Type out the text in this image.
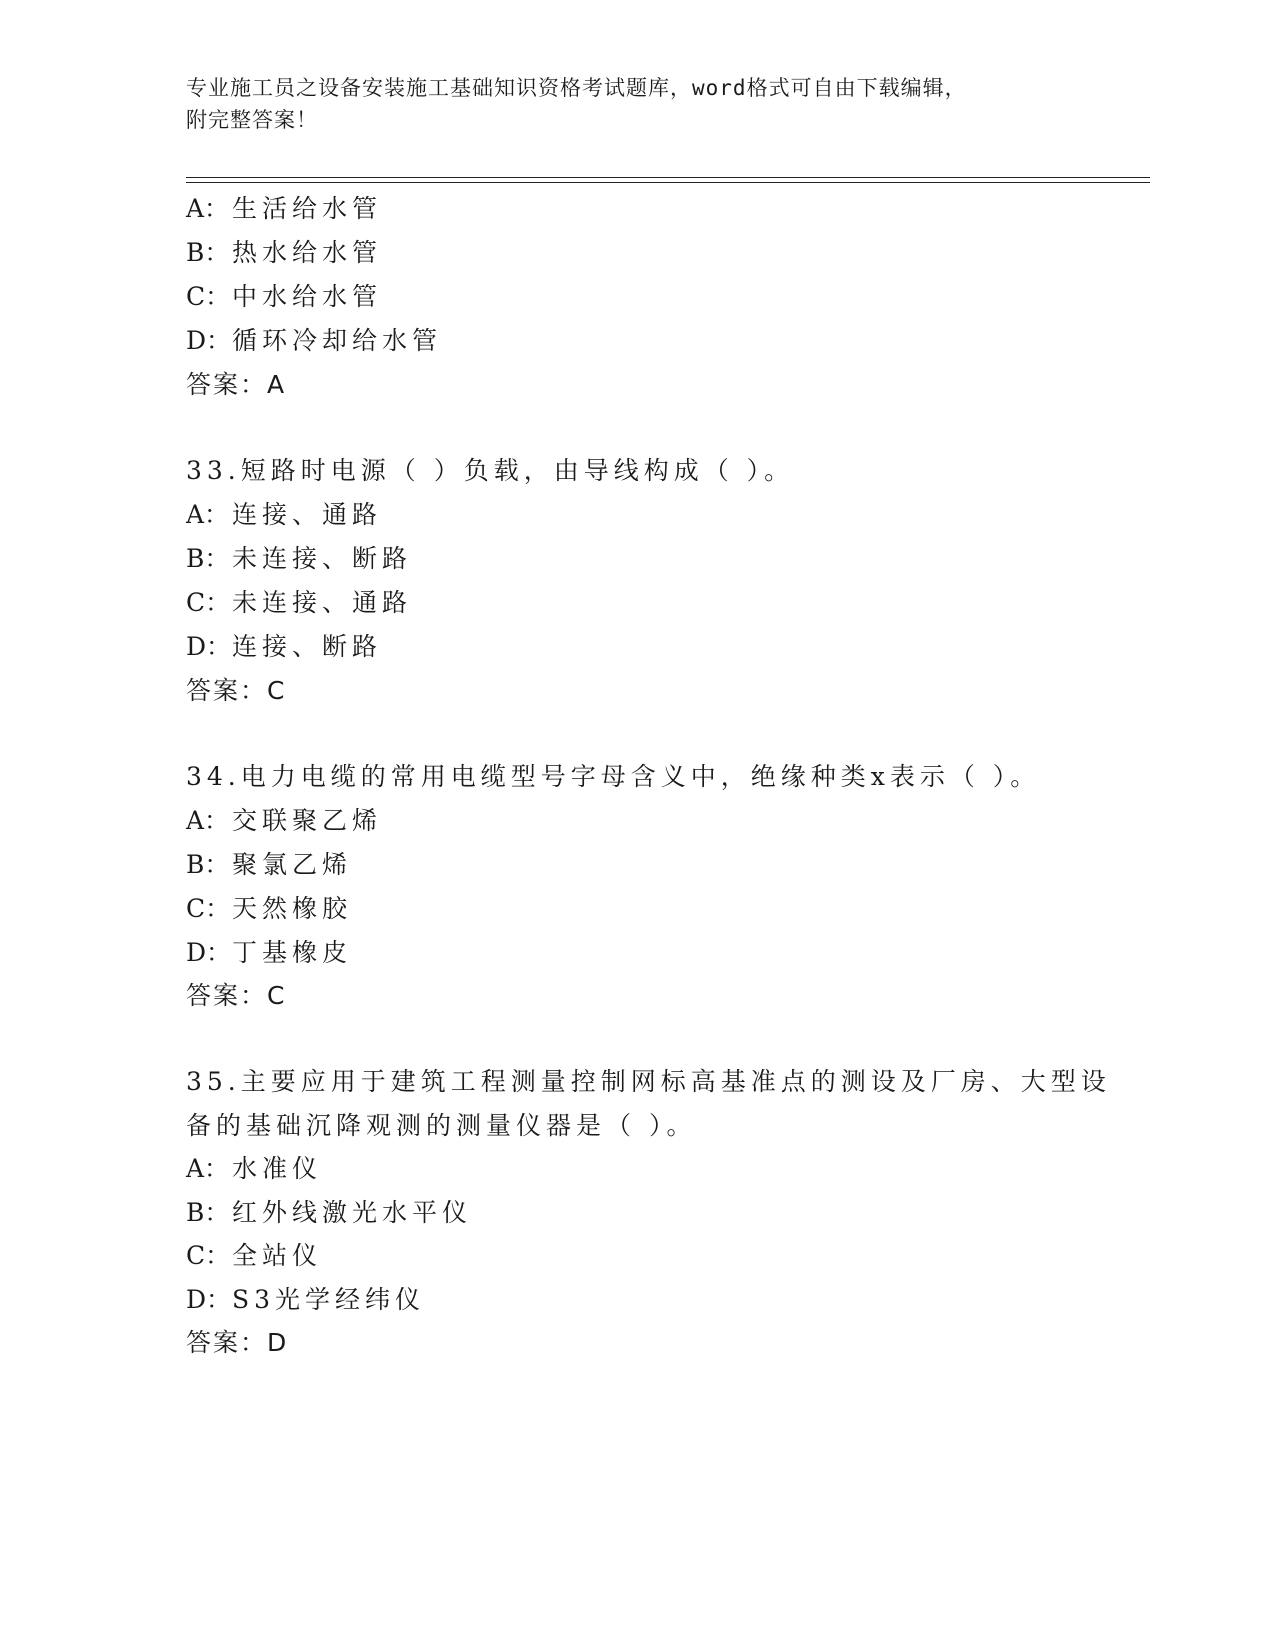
专业施工员之设备安装施工基础知识资格考试题库，word格式可自由下载编辑，
附完整答案！
A： 生活给水管
B： 热水给水管
C：中水给水管
D：循环冷却给水管
答案：A
33.短路时电源（ ）负载，由导线构成（ ）。
A： 连接、通路
B： 未连接、断路
C：未连接、通路
D：连接、断路
答案：C
34.电力电缆的常用电缆型号字母含义中，绝缘种类x表示（ ）。
A： 交联聚乙烯
B： 聚氯乙烯
C：天然橡胶
D：丁基橡皮
答案：C
35.主要应用于建筑工程测量控制网标高基准点的测设及厂房、大型设
备的基础沉降观测的测量仪器是（ ）。
A： 水准仪
B： 红外线激光水平仪
C：全站仪
D：S3光学经纬仪
答案：D
